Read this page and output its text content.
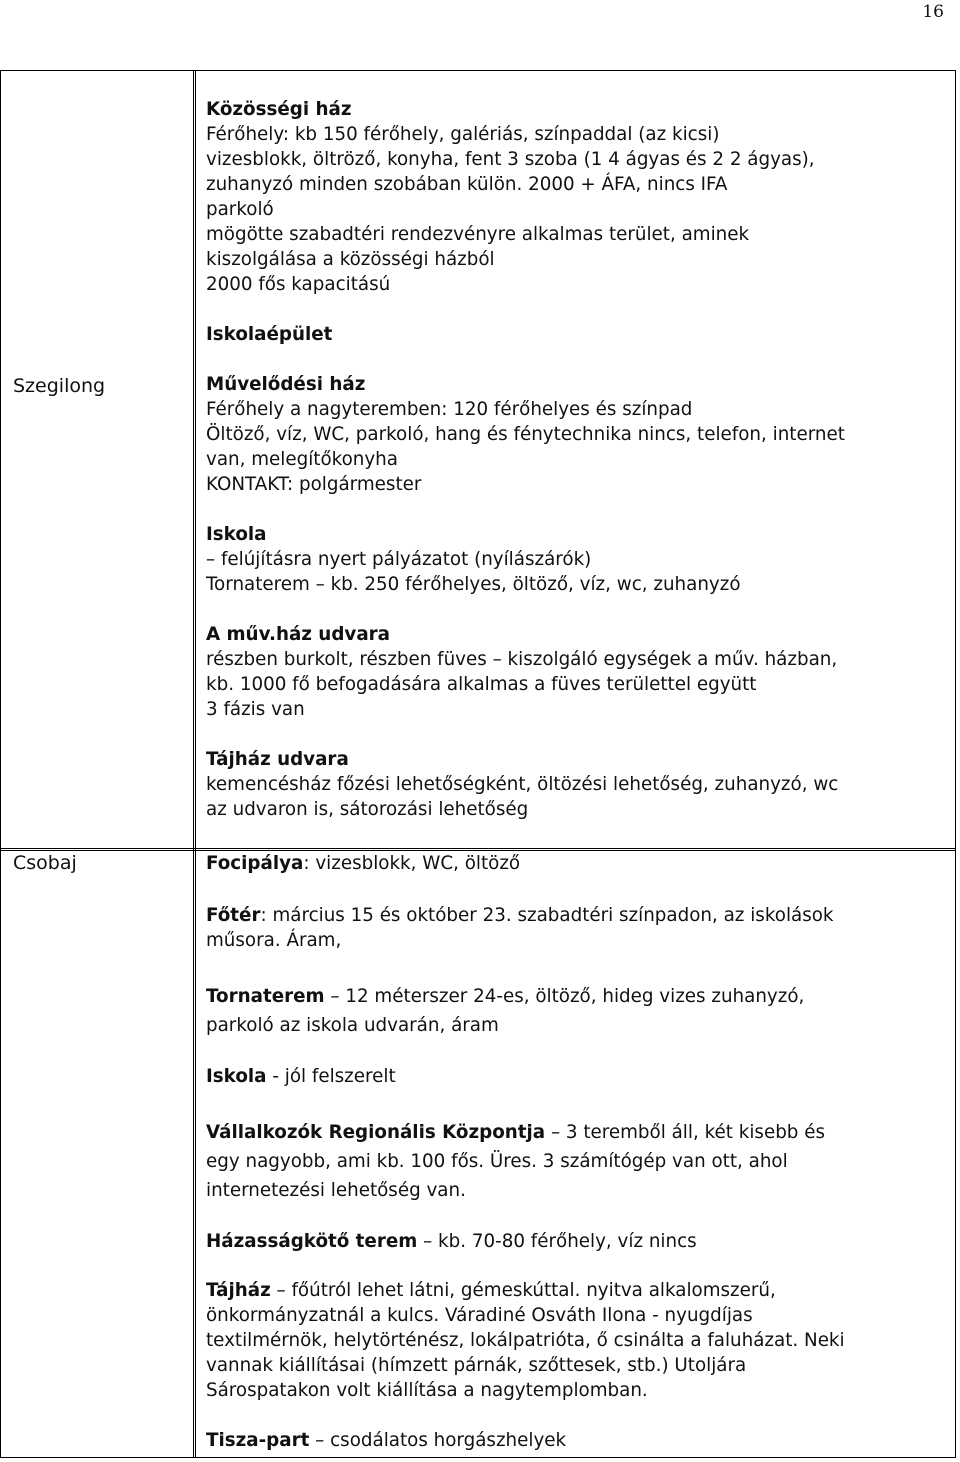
16
Szegilong

Közösségi ház

Férőhely: kb 150 férőhely, galériás, színpaddal (az kicsi)

vizesblokk, öltröző, konyha, fent 3 szoba (1 4 ágyas és 2 2 ágyas),

zuhanyzó minden szobában külön. 2000 + ÁFA, nincs IFA

parkoló

mögötte szabadtéri rendezvényre alkalmas terület, aminek

kiszolgálása a közösségi házból

2000 fős kapacitású

Iskolaépület

Művelődési ház

Férőhely a nagyteremben: 120 férőhelyes és színpad

Öltöző, víz, WC, parkoló, hang és fénytechnika nincs, telefon, internet

van, melegítőkonyha

KONTAKT: polgármester

Iskola

– felújításra nyert pályázatot (nyílászárók)

Tornaterem – kb. 250 férőhelyes, öltöző, víz, wc, zuhanyzó

A műv.ház udvara

részben burkolt, részben füves – kiszolgáló egységek a műv. házban,

kb. 1000 fő befogadására alkalmas a füves területtel együtt

3 fázis van

Tájház udvara

kemencésház főzési lehetőségként, öltözési lehetőség, zuhanyzó, wc

az udvaron is, sátorozási lehetőség

Csobaj	Focipálya: vizesblokk, WC, öltöző

Főtér: március 15 és október 23. szabadtéri színpadon, az iskolások

műsora. Áram,

Tornaterem – 12 méterszer 24-es, öltöző, hideg vizes zuhanyzó,

parkoló az iskola udvarán, áram

Iskola - jól felszerelt

Vállalkozók Regionális Központja – 3 teremből áll, két kisebb és

egy nagyobb, ami kb. 100 fős. Üres. 3 számítógép van ott, ahol

internetezési lehetőség van.

Házasságkötő terem – kb. 70-80 férőhely, víz nincs

Tájház – főútról lehet látni, gémeskúttal. nyitva alkalomszerű,

önkormányzatnál a kulcs. Váradiné Osváth Ilona - nyugdíjas

textilmérnök, helytörténész, lokálpatrióta, ő csinálta a faluházat. Neki

vannak kiállításai (hímzett párnák, szőttesek, stb.) Utoljára

Sárospatakon volt kiállítása a nagytemplomban.

Tisza-part – csodálatos horgászhelyek
